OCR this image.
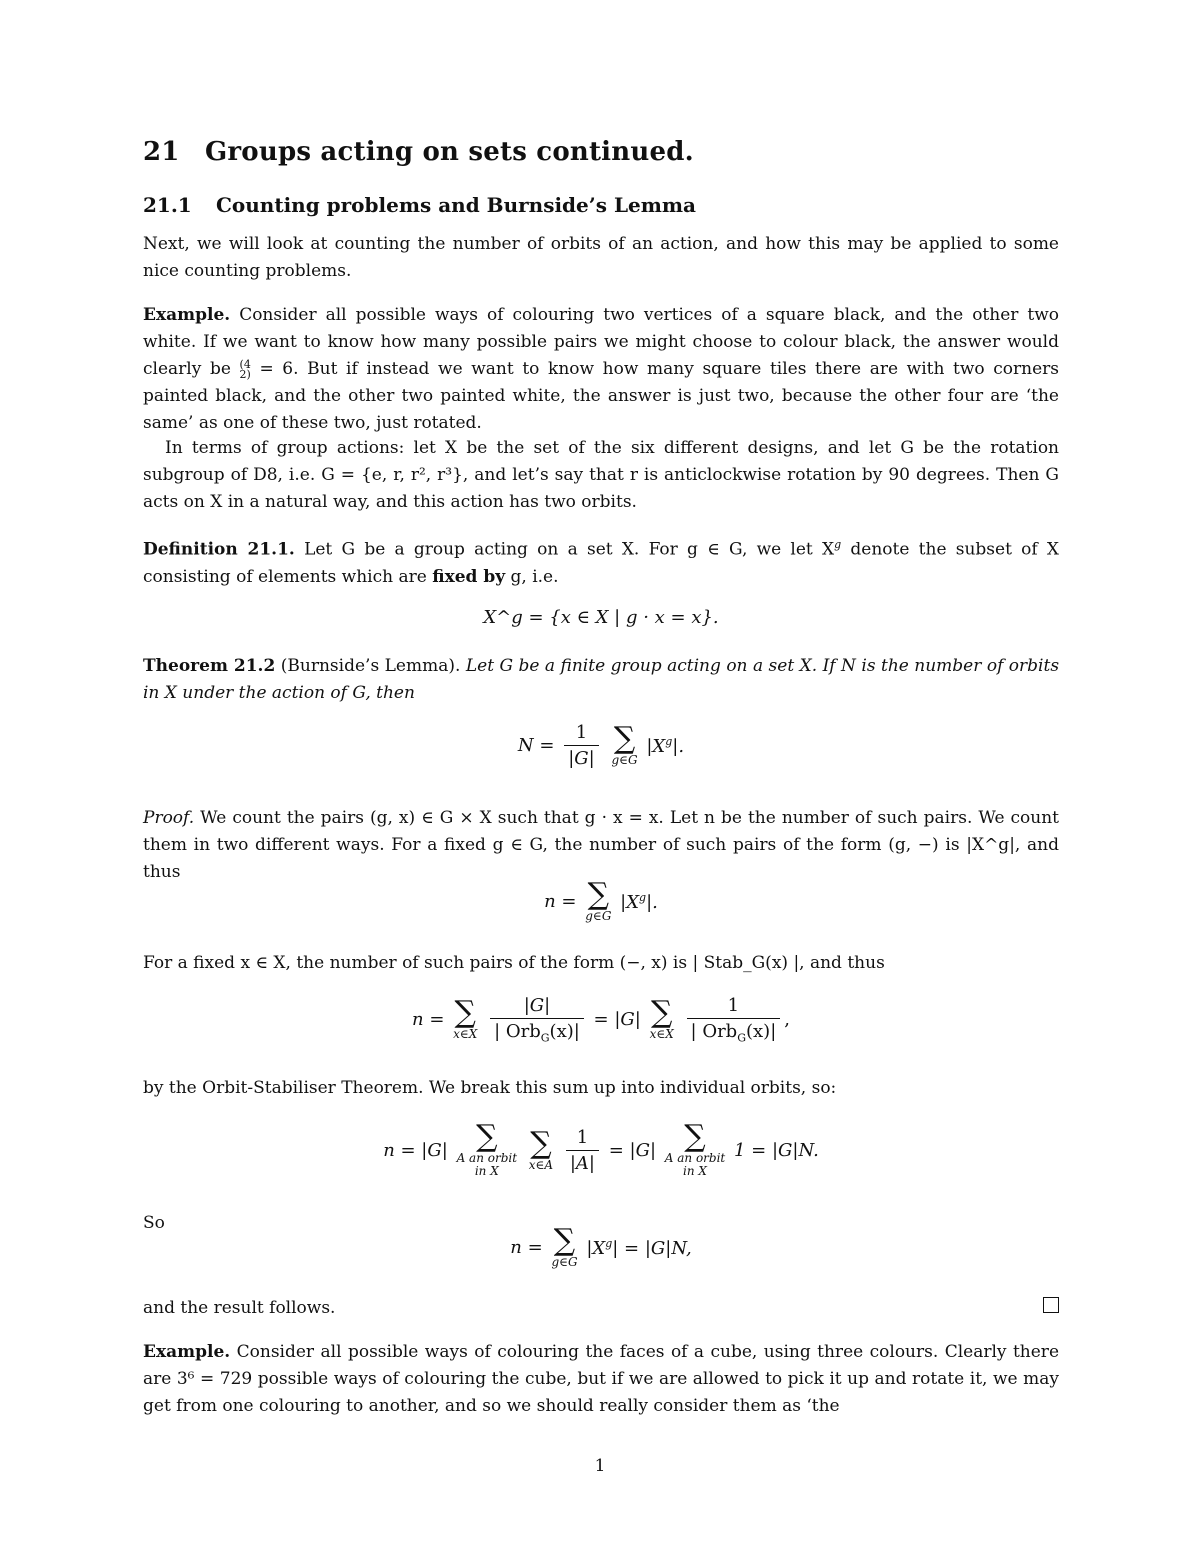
21 Groups acting on sets continued.
21.1 Counting problems and Burnside’s Lemma

Next, we will look at counting the number of orbits of an action, and how this may be applied to some nice counting problems.

Example. Consider all possible ways of colouring two vertices of a square black, and the other two white. If we want to know how many possible pairs we might choose to colour black, the answer would clearly be (4
2) = 6. But if instead we want to know how many square tiles there are with two corners painted black, and the other two painted white, the answer is just two, because the other four are ‘the same’ as one of these two, just rotated.

In terms of group actions: let X be the set of the six different designs, and let G be the rotation subgroup of D8, i.e. G = {e, r, r², r³}, and let’s say that r is anticlockwise rotation by 90 degrees. Then G acts on X in a natural way, and this action has two orbits.

Definition 21.1. Let G be a group acting on a set X. For g ∈ G, we let $X^g$ denote the subset of X consisting of elements which are fixed by g, i.e.

X^g = {x ∈ X | g · x = x}.

Theorem 21.2 (Burnside’s Lemma). Let G be a finite group acting on a set X. If N is the number of orbits in X under the action of G, then

$N = \frac{1}{|G|}$
∑
g∈G
$|X^g|$.

Proof. We count the pairs (g, x) ∈ G × X such that g · x = x. Let n be the number of such pairs. We count them in two different ways. For a fixed g ∈ G, the number of such pairs of the form (g, −) is |X^g|, and thus

n = ∑
g∈G
$|X^g|$.

For a fixed x ∈ X, the number of such pairs of the form (−, x) is | Stab_G(x) |, and thus

n = ∑
x∈X
$\frac{|G|}{| Orb_G(x)|} = |G|$ ∑
x∈X
$\frac{1}{| Orb_G(x)|}$ ,

by the Orbit-Stabiliser Theorem. We break this sum up into individual orbits, so:

n = |G| ∑
A an orbit
in X

∑
x∈A
$\frac{1}{|A|} = |G|$ ∑
A an orbit
in X
1 = |G|N.

So

n = ∑
g∈G
$|X^g| = |G|N$,

and the result follows.

Example. Consider all possible ways of colouring the faces of a cube, using three colours. Clearly there are 3⁶ = 729 possible ways of colouring the cube, but if we are allowed to pick it up and rotate it, we may get from one colouring to another, and so we should really consider them as ‘the

1
